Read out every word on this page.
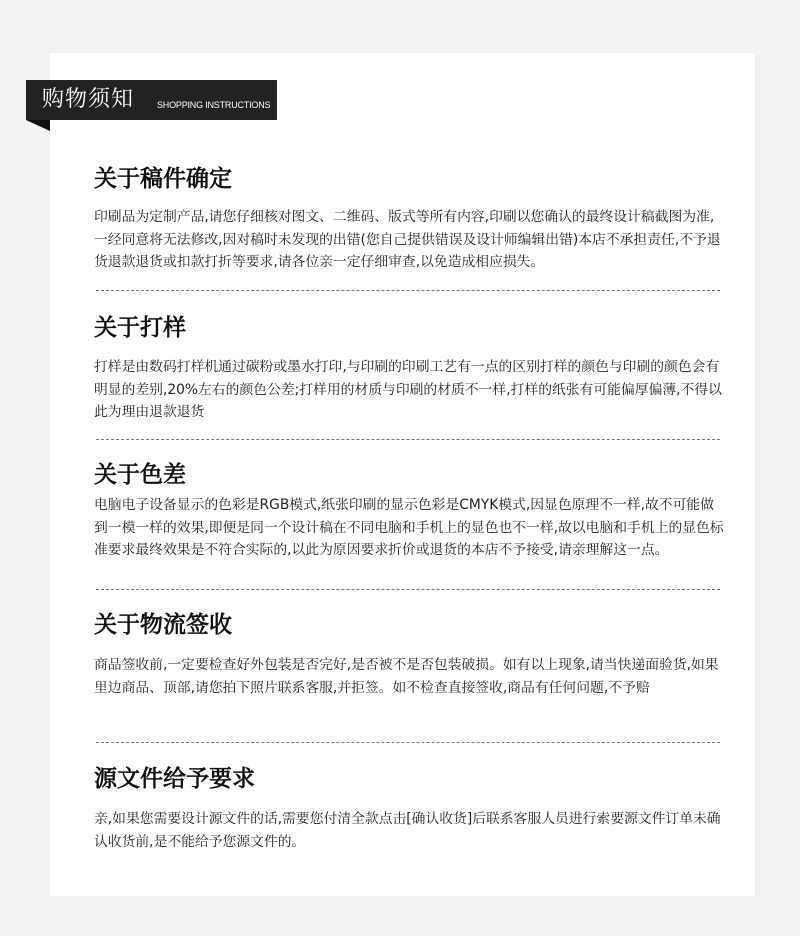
购物须知	SHOPPING INSTRUCTIONS
关于稿件确定
印刷品为定制产品,请您仔细核对图文、二维码、版式等所有内容,印刷以您确认的最终设计稿截图为准,一经同意将无法修改,因对稿时未发现的出错(您自己提供错误及设计师编辑出错)本店不承担责任,不予退货退款退货或扣款打折等要求,请各位亲一定仔细审查,以免造成相应损失。
关于打样
打样是由数码打样机通过碳粉或墨水打印,与印刷的印刷工艺有一点的区别打样的颜色与印刷的颜色会有明显的差别,20%左右的颜色公差;打样用的材质与印刷的材质不一样,打样的纸张有可能偏厚偏薄,不得以此为理由退款退货
关于色差
电脑电子设备显示的色彩是RGB模式,纸张印刷的显示色彩是CMYK模式,因显色原理不一样,故不可能做到一模一样的效果,即便是同一个设计稿在不同电脑和手机上的显色也不一样,故以电脑和手机上的显色标准要求最终效果是不符合实际的,以此为原因要求折价或退货的本店不予接受,请亲理解这一点。
关于物流签收
商品签收前,一定要检查好外包装是否完好,是否被不是否包装破损。如有以上现象,请当快递面验货,如果里边商品、顶部,请您拍下照片联系客服,并拒签。如不检查直接签收,商品有任何问题,不予赔
源文件给予要求
亲,如果您需要设计源文件的话,需要您付清全款点击[确认收货]后联系客服人员进行索要源文件订单未确认收货前,是不能给予您源文件的。
